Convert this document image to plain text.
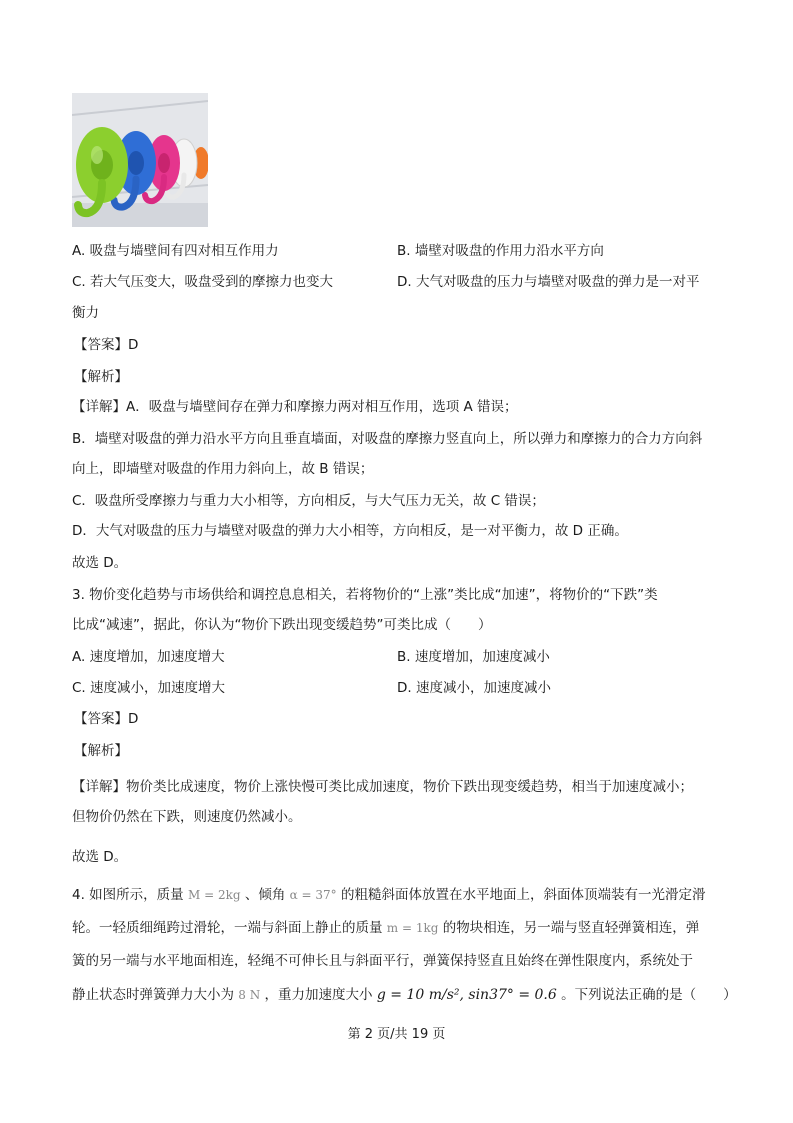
A. 吸盘与墙壁间有四对相互作用力	B. 墙壁对吸盘的作用力沿水平方向
C. 若大气压变大，吸盘受到的摩擦力也变大	D. 大气对吸盘的压力与墙壁对吸盘的弹力是一对平
衡力
【答案】D
【解析】
【详解】A．吸盘与墙壁间存在弹力和摩擦力两对相互作用，选项 A 错误；
B．墙壁对吸盘的弹力沿水平方向且垂直墙面，对吸盘的摩擦力竖直向上，所以弹力和摩擦力的合力方向斜
向上，即墙壁对吸盘的作用力斜向上，故 B 错误；
C．吸盘所受摩擦力与重力大小相等，方向相反，与大气压力无关，故 C 错误；
D．大气对吸盘的压力与墙壁对吸盘的弹力大小相等，方向相反，是一对平衡力，故 D 正确。
故选 D。
3. 物价变化趋势与市场供给和调控息息相关，若将物价的“上涨”类比成“加速”，将物价的“下跌”类
比成“减速”，据此，你认为“物价下跌出现变缓趋势”可类比成（　　）
A. 速度增加，加速度增大	B. 速度增加，加速度减小
C. 速度减小，加速度增大	D. 速度减小，加速度减小
【答案】D
【解析】
【详解】物价类比成速度，物价上涨快慢可类比成加速度，物价下跌出现变缓趋势，相当于加速度减小；
但物价仍然在下跌，则速度仍然减小。
故选 D。
4. 如图所示，质量 M = 2kg 、倾角 α = 37° 的粗糙斜面体放置在水平地面上，斜面体顶端装有一光滑定滑
轮。一轻质细绳跨过滑轮，一端与斜面上静止的质量 m = 1kg 的物块相连，另一端与竖直轻弹簧相连，弹
簧的另一端与水平地面相连，轻绳不可伸长且与斜面平行，弹簧保持竖直且始终在弹性限度内，系统处于
静止状态时弹簧弹力大小为 8 N ，重力加速度大小 g = 10 m/s², sin37° = 0.6 。下列说法正确的是（　　）
第 2 页/共 19 页
